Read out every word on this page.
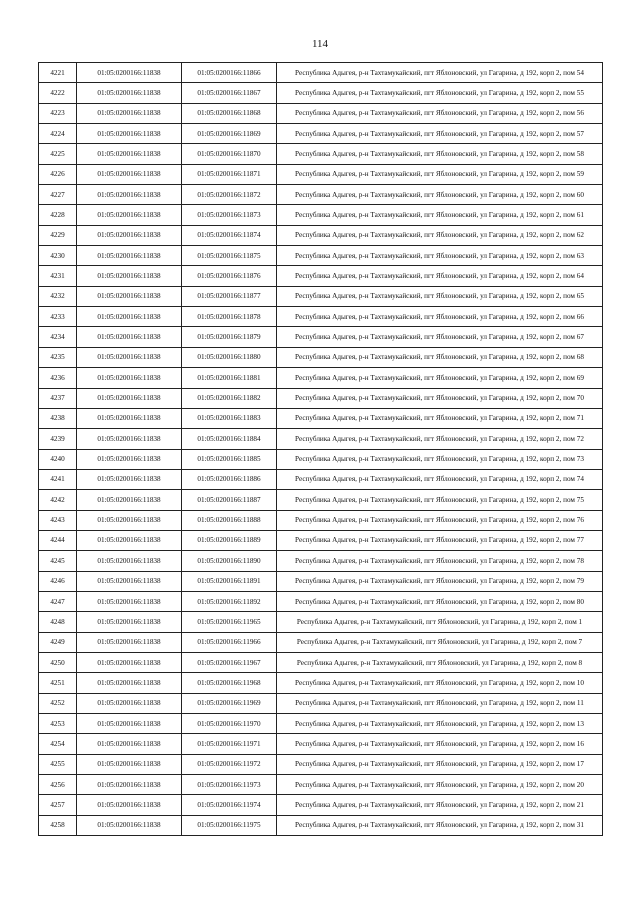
114
4221	01:05:0200166:11838	01:05:0200166:11866	Республика Адыгея, р-н Тахтамукайский, пгт Яблоновский, ул Гагарина, д 192, корп 2, пом 54
4222	01:05:0200166:11838	01:05:0200166:11867	Республика Адыгея, р-н Тахтамукайский, пгт Яблоновский, ул Гагарина, д 192, корп 2, пом 55
4223	01:05:0200166:11838	01:05:0200166:11868	Республика Адыгея, р-н Тахтамукайский, пгт Яблоновский, ул Гагарина, д 192, корп 2, пом 56
4224	01:05:0200166:11838	01:05:0200166:11869	Республика Адыгея, р-н Тахтамукайский, пгт Яблоновский, ул Гагарина, д 192, корп 2, пом 57
4225	01:05:0200166:11838	01:05:0200166:11870	Республика Адыгея, р-н Тахтамукайский, пгт Яблоновский, ул Гагарина, д 192, корп 2, пом 58
4226	01:05:0200166:11838	01:05:0200166:11871	Республика Адыгея, р-н Тахтамукайский, пгт Яблоновский, ул Гагарина, д 192, корп 2, пом 59
4227	01:05:0200166:11838	01:05:0200166:11872	Республика Адыгея, р-н Тахтамукайский, пгт Яблоновский, ул Гагарина, д 192, корп 2, пом 60
4228	01:05:0200166:11838	01:05:0200166:11873	Республика Адыгея, р-н Тахтамукайский, пгт Яблоновский, ул Гагарина, д 192, корп 2, пом 61
4229	01:05:0200166:11838	01:05:0200166:11874	Республика Адыгея, р-н Тахтамукайский, пгт Яблоновский, ул Гагарина, д 192, корп 2, пом 62
4230	01:05:0200166:11838	01:05:0200166:11875	Республика Адыгея, р-н Тахтамукайский, пгт Яблоновский, ул Гагарина, д 192, корп 2, пом 63
4231	01:05:0200166:11838	01:05:0200166:11876	Республика Адыгея, р-н Тахтамукайский, пгт Яблоновский, ул Гагарина, д 192, корп 2, пом 64
4232	01:05:0200166:11838	01:05:0200166:11877	Республика Адыгея, р-н Тахтамукайский, пгт Яблоновский, ул Гагарина, д 192, корп 2, пом 65
4233	01:05:0200166:11838	01:05:0200166:11878	Республика Адыгея, р-н Тахтамукайский, пгт Яблоновский, ул Гагарина, д 192, корп 2, пом 66
4234	01:05:0200166:11838	01:05:0200166:11879	Республика Адыгея, р-н Тахтамукайский, пгт Яблоновский, ул Гагарина, д 192, корп 2, пом 67
4235	01:05:0200166:11838	01:05:0200166:11880	Республика Адыгея, р-н Тахтамукайский, пгт Яблоновский, ул Гагарина, д 192, корп 2, пом 68
4236	01:05:0200166:11838	01:05:0200166:11881	Республика Адыгея, р-н Тахтамукайский, пгт Яблоновский, ул Гагарина, д 192, корп 2, пом 69
4237	01:05:0200166:11838	01:05:0200166:11882	Республика Адыгея, р-н Тахтамукайский, пгт Яблоновский, ул Гагарина, д 192, корп 2, пом 70
4238	01:05:0200166:11838	01:05:0200166:11883	Республика Адыгея, р-н Тахтамукайский, пгт Яблоновский, ул Гагарина, д 192, корп 2, пом 71
4239	01:05:0200166:11838	01:05:0200166:11884	Республика Адыгея, р-н Тахтамукайский, пгт Яблоновский, ул Гагарина, д 192, корп 2, пом 72
4240	01:05:0200166:11838	01:05:0200166:11885	Республика Адыгея, р-н Тахтамукайский, пгт Яблоновский, ул Гагарина, д 192, корп 2, пом 73
4241	01:05:0200166:11838	01:05:0200166:11886	Республика Адыгея, р-н Тахтамукайский, пгт Яблоновский, ул Гагарина, д 192, корп 2, пом 74
4242	01:05:0200166:11838	01:05:0200166:11887	Республика Адыгея, р-н Тахтамукайский, пгт Яблоновский, ул Гагарина, д 192, корп 2, пом 75
4243	01:05:0200166:11838	01:05:0200166:11888	Республика Адыгея, р-н Тахтамукайский, пгт Яблоновский, ул Гагарина, д 192, корп 2, пом 76
4244	01:05:0200166:11838	01:05:0200166:11889	Республика Адыгея, р-н Тахтамукайский, пгт Яблоновский, ул Гагарина, д 192, корп 2, пом 77
4245	01:05:0200166:11838	01:05:0200166:11890	Республика Адыгея, р-н Тахтамукайский, пгт Яблоновский, ул Гагарина, д 192, корп 2, пом 78
4246	01:05:0200166:11838	01:05:0200166:11891	Республика Адыгея, р-н Тахтамукайский, пгт Яблоновский, ул Гагарина, д 192, корп 2, пом 79
4247	01:05:0200166:11838	01:05:0200166:11892	Республика Адыгея, р-н Тахтамукайский, пгт Яблоновский, ул Гагарина, д 192, корп 2, пом 80
4248	01:05:0200166:11838	01:05:0200166:11965	Республика Адыгея, р-н Тахтамукайский, пгт Яблоновский, ул Гагарина, д 192, корп 2, пом 1
4249	01:05:0200166:11838	01:05:0200166:11966	Республика Адыгея, р-н Тахтамукайский, пгт Яблоновский, ул Гагарина, д 192, корп 2, пом 7
4250	01:05:0200166:11838	01:05:0200166:11967	Республика Адыгея, р-н Тахтамукайский, пгт Яблоновский, ул Гагарина, д 192, корп 2, пом 8
4251	01:05:0200166:11838	01:05:0200166:11968	Республика Адыгея, р-н Тахтамукайский, пгт Яблоновский, ул Гагарина, д 192, корп 2, пом 10
4252	01:05:0200166:11838	01:05:0200166:11969	Республика Адыгея, р-н Тахтамукайский, пгт Яблоновский, ул Гагарина, д 192, корп 2, пом 11
4253	01:05:0200166:11838	01:05:0200166:11970	Республика Адыгея, р-н Тахтамукайский, пгт Яблоновский, ул Гагарина, д 192, корп 2, пом 13
4254	01:05:0200166:11838	01:05:0200166:11971	Республика Адыгея, р-н Тахтамукайский, пгт Яблоновский, ул Гагарина, д 192, корп 2, пом 16
4255	01:05:0200166:11838	01:05:0200166:11972	Республика Адыгея, р-н Тахтамукайский, пгт Яблоновский, ул Гагарина, д 192, корп 2, пом 17
4256	01:05:0200166:11838	01:05:0200166:11973	Республика Адыгея, р-н Тахтамукайский, пгт Яблоновский, ул Гагарина, д 192, корп 2, пом 20
4257	01:05:0200166:11838	01:05:0200166:11974	Республика Адыгея, р-н Тахтамукайский, пгт Яблоновский, ул Гагарина, д 192, корп 2, пом 21
4258	01:05:0200166:11838	01:05:0200166:11975	Республика Адыгея, р-н Тахтамукайский, пгт Яблоновский, ул Гагарина, д 192, корп 2, пом 31
